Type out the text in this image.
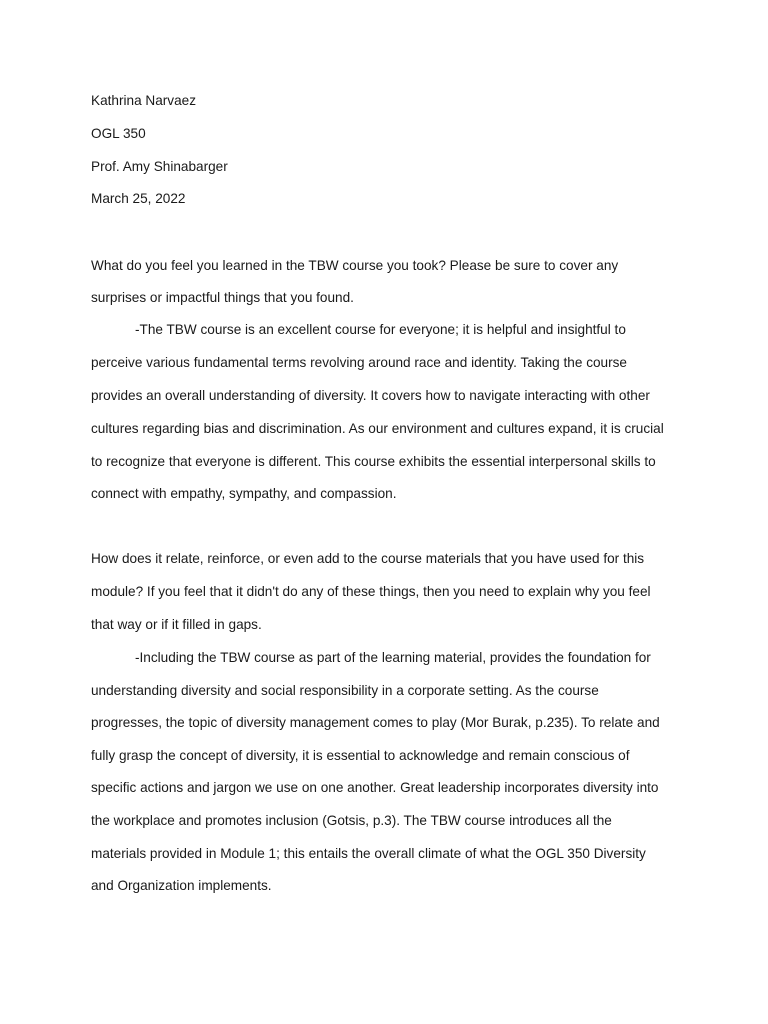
Kathrina Narvaez

OGL 350

Prof. Amy Shinabarger

March 25, 2022

What do you feel you learned in the TBW course you took? Please be sure to cover any

surprises or impactful things that you found.

-The TBW course is an excellent course for everyone; it is helpful and insightful to

perceive various fundamental terms revolving around race and identity. Taking the course

provides an overall understanding of diversity. It covers how to navigate interacting with other

cultures regarding bias and discrimination. As our environment and cultures expand, it is crucial

to recognize that everyone is different. This course exhibits the essential interpersonal skills to

connect with empathy, sympathy, and compassion.

How does it relate, reinforce, or even add to the course materials that you have used for this

module? If you feel that it didn't do any of these things, then you need to explain why you feel

that way or if it filled in gaps.

-Including the TBW course as part of the learning material, provides the foundation for

understanding diversity and social responsibility in a corporate setting. As the course

progresses, the topic of diversity management comes to play (Mor Burak, p.235). To relate and

fully grasp the concept of diversity, it is essential to acknowledge and remain conscious of

specific actions and jargon we use on one another. Great leadership incorporates diversity into

the workplace and promotes inclusion (Gotsis, p.3). The TBW course introduces all the

materials provided in Module 1; this entails the overall climate of what the OGL 350 Diversity

and Organization implements.
